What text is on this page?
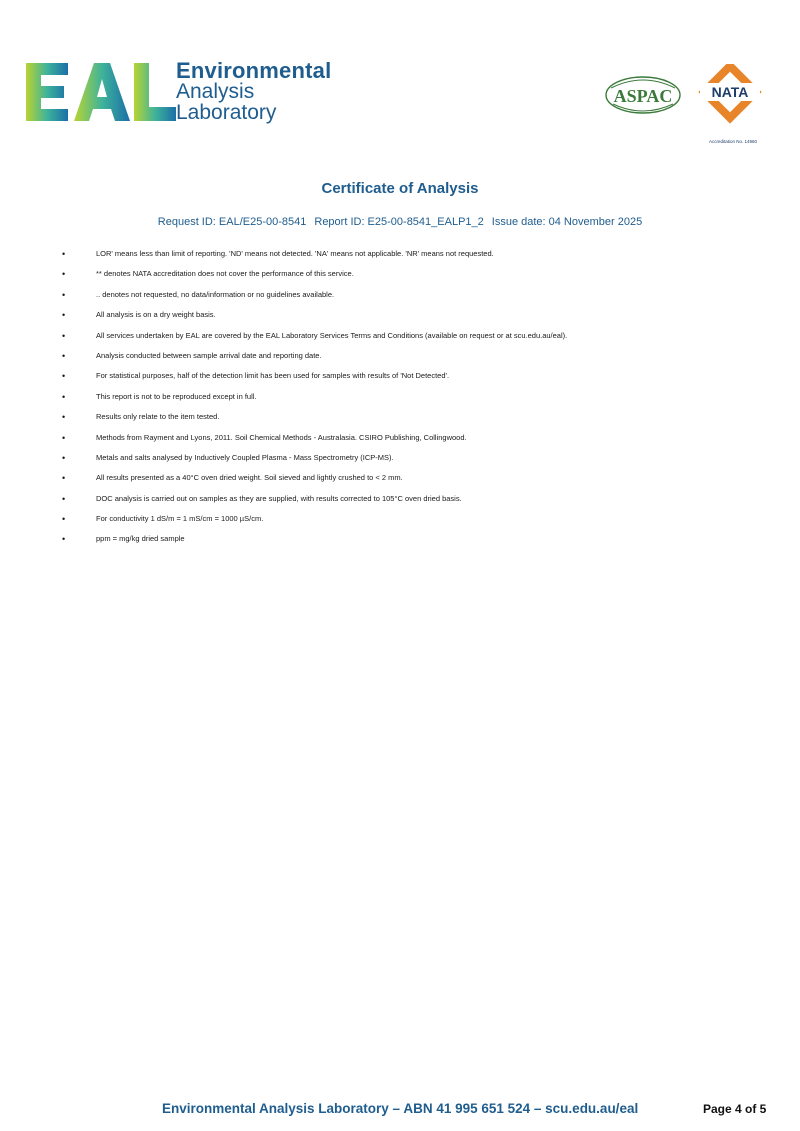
Environmental
Analysis
Laboratory
ASPAC	NATA
Accreditation No. 14960
Certificate of Analysis
Request ID: EAL/E25-00-8541 Report ID: E25-00-8541_EALP1_2 Issue date: 04 November 2025
•	LOR' means less than limit of reporting. 'ND' means not detected. 'NA' means not applicable. 'NR' means not requested.
•	** denotes NATA accreditation does not cover the performance of this service.
•	.. denotes not requested, no data/information or no guidelines available.
•	All analysis is on a dry weight basis.
•	All services undertaken by EAL are covered by the EAL Laboratory Services Terms and Conditions (available on request or at scu.edu.au/eal).
•	Analysis conducted between sample arrival date and reporting date.
•	For statistical purposes, half of the detection limit has been used for samples with results of 'Not Detected'.
•	This report is not to be reproduced except in full.
•	Results only relate to the item tested.
•	Methods from Rayment and Lyons, 2011. Soil Chemical Methods - Australasia. CSIRO Publishing, Collingwood.
•	Metals and salts analysed by Inductively Coupled Plasma - Mass Spectrometry (ICP-MS).
•	All results presented as a 40°C oven dried weight. Soil sieved and lightly crushed to < 2 mm.
•	DOC analysis is carried out on samples as they are supplied, with results corrected to 105°C oven dried basis.
•	For conductivity 1 dS/m = 1 mS/cm = 1000 µS/cm.
•	ppm = mg/kg dried sample
Environmental Analysis Laboratory – ABN 41 995 651 524 – scu.edu.au/eal	Page 4 of 5
